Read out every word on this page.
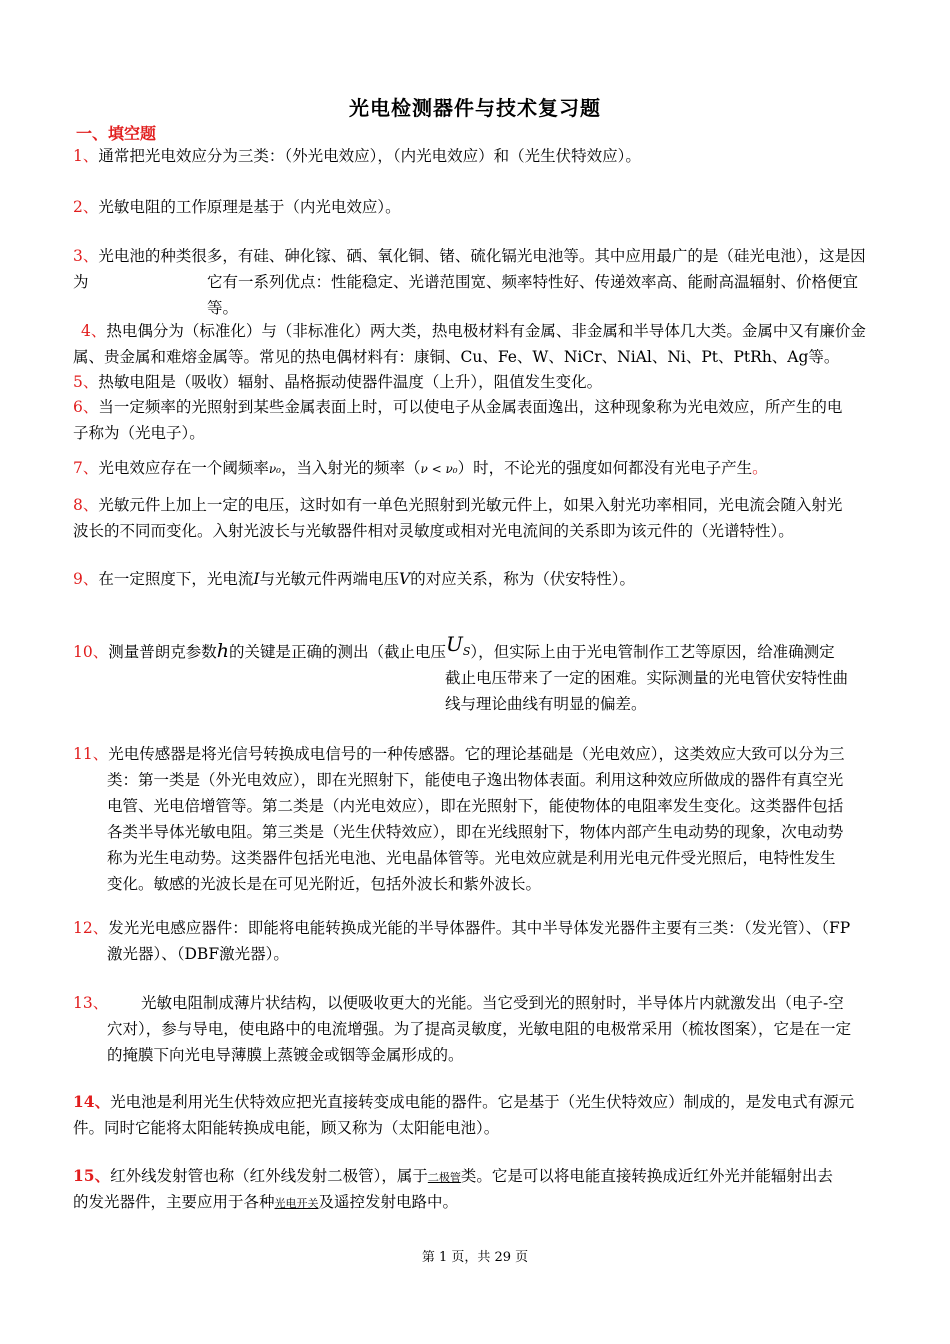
光电检测器件与技术复习题
一、填空题
1、通常把光电效应分为三类：（外光电效应），（内光电效应）和（光生伏特效应）。
2、光敏电阻的工作原理是基于（内光电效应）。
3、光电池的种类很多，有硅、砷化镓、硒、氧化铜、锗、硫化镉光电池等。其中应用最广的是（硅光电池），这是因为	它有一系列优点：性能稳定、光谱范围宽、频率特性好、传递效率高、能耐高温辐射、价格便宜
等。
4、热电偶分为（标准化）与（非标准化）两大类，热电极材料有金属、非金属和半导体几大类。金属中又有廉价金
属、贵金属和难熔金属等。常见的热电偶材料有：康铜、Cu、Fe、W、NiCr、NiAl、Ni、Pt、PtRh、Ag等。
5、热敏电阻是（吸收）辐射、晶格振动使器件温度（上升），阻值发生变化。
6、当一定频率的光照射到某些金属表面上时，可以使电子从金属表面逸出，这种现象称为光电效应，所产生的电
子称为（光电子）。
7、光电效应存在一个阈频率ν₀，当入射光的频率（ν < ν₀）时，不论光的强度如何都没有光电子产生。
8、光敏元件上加上一定的电压，这时如有一单色光照射到光敏元件上，如果入射光功率相同，光电流会随入射光
波长的不同而变化。入射光波长与光敏器件相对灵敏度或相对光电流间的关系即为该元件的（光谱特性）。
9、在一定照度下，光电流I与光敏元件两端电压V的对应关系，称为（伏安特性）。
10、测量普朗克参数h的关键是正确的测出（截止电压$U_S$），但实际上由于光电管制作工艺等原因，给准确测定
截止电压带来了一定的困难。实际测量的光电管伏安特性曲
线与理论曲线有明显的偏差。
11、光电传感器是将光信号转换成电信号的一种传感器。它的理论基础是（光电效应），这类效应大致可以分为三
类：第一类是（外光电效应），即在光照射下，能使电子逸出物体表面。利用这种效应所做成的器件有真空光
电管、光电倍增管等。第二类是（内光电效应），即在光照射下，能使物体的电阻率发生变化。这类器件包括
各类半导体光敏电阻。第三类是（光生伏特效应），即在光线照射下，物体内部产生电动势的现象，次电动势
称为光生电动势。这类器件包括光电池、光电晶体管等。光电效应就是利用光电元件受光照后，电特性发生
变化。敏感的光波长是在可见光附近，包括外波长和紫外波长。
12、发光光电感应器件：即能将电能转换成光能的半导体器件。其中半导体发光器件主要有三类：（发光管）、（FP
激光器）、（DBF激光器）。
13、	光敏电阻制成薄片状结构，以便吸收更大的光能。当它受到光的照射时，半导体片内就激发出（电子-空
穴对），参与导电，使电路中的电流增强。为了提高灵敏度，光敏电阻的电极常采用（梳妆图案），它是在一定
的掩膜下向光电导薄膜上蒸镀金或铟等金属形成的。
14、光电池是利用光生伏特效应把光直接转变成电能的器件。它是基于（光生伏特效应）制成的，是发电式有源元
件。同时它能将太阳能转换成电能，顾又称为（太阳能电池）。
15、红外线发射管也称（红外线发射二极管），属于二极管类。它是可以将电能直接转换成近红外光并能辐射出去
的发光器件，主要应用于各种光电开关及遥控发射电路中。
第 1 页，共 29 页
